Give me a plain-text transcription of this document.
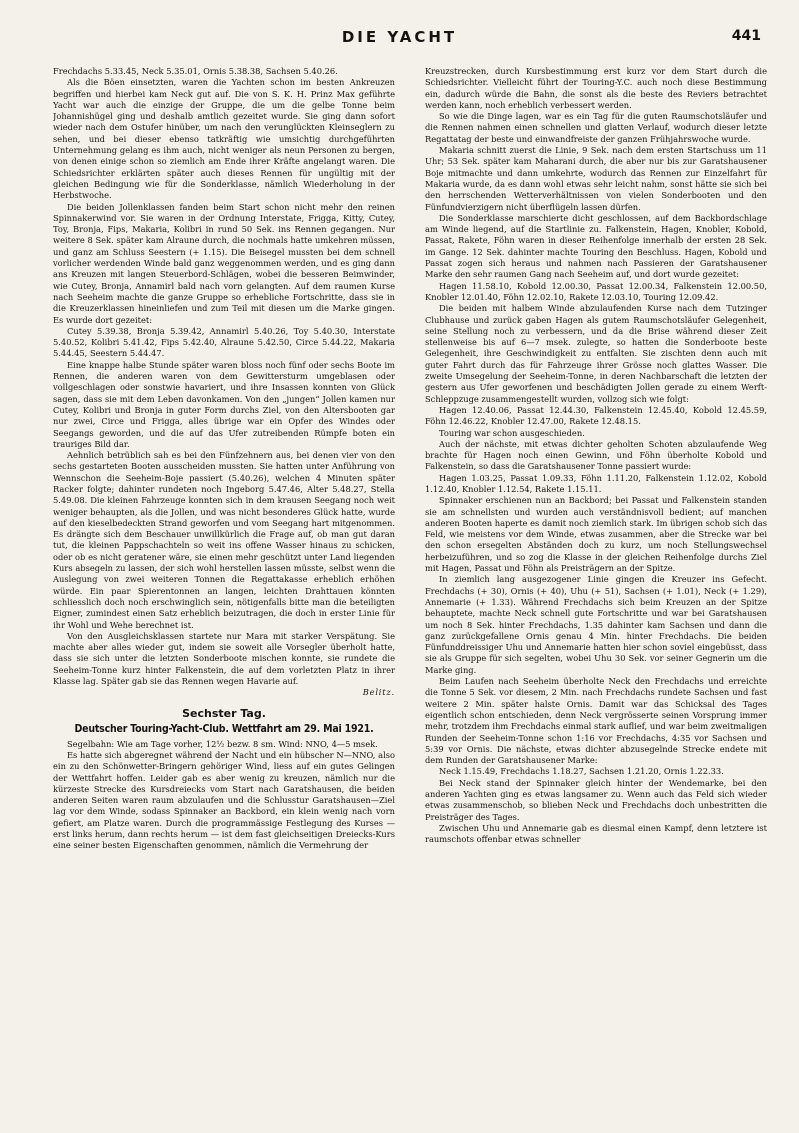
DIE YACHT	441

Frechdachs 5.33.45, Neck 5.35.01, Ornis 5.38.38, Sachsen 5.40.26.

Als die Böen einsetzten, waren die Yachten schon im besten Ankreuzen begriffen und hierbei kam Neck gut auf. Die von S. K. H. Prinz Max geführte Yacht war auch die einzige der Gruppe, die um die gelbe Tonne beim Johannishügel ging und deshalb amtlich gezeitet wurde. Sie ging dann sofort wieder nach dem Ostufer hinüber, um nach den verunglückten Kleinseglern zu sehen, und bei dieser ebenso tatkräftig wie umsichtig durchgeführten Unternehmung gelang es ihm auch, nicht weniger als neun Personen zu bergen, von denen einige schon so ziemlich am Ende ihrer Kräfte angelangt waren. Die Schiedsrichter erklärten später auch dieses Rennen für ungültig mit der gleichen Bedingung wie für die Sonderklasse, nämlich Wiederholung in der Herbstwoche.

Die beiden Jollenklassen fanden beim Start schon nicht mehr den reinen Spinnakerwind vor. Sie waren in der Ordnung Interstate, Frigga, Kitty, Cutey, Toy, Bronja, Fips, Makaria, Kolibri in rund 50 Sek. ins Rennen gegangen. Nur weitere 8 Sek. später kam Alraune durch, die nochmals hatte umkehren müssen, und ganz am Schluss Seestern (+ 1.15). Die Beisegel mussten bei dem schnell vorlicher werdenden Winde bald ganz weggenommen werden, und es ging dann ans Kreuzen mit langen Steuerbord-Schlägen, wobei die besseren Beimwinder, wie Cutey, Bronja, Annamirl bald nach vorn gelangten. Auf dem raumen Kurse nach Seeheim machte die ganze Gruppe so erhebliche Fortschritte, dass sie in die Kreuzerklassen hineinliefen und zum Teil mit diesen um die Marke gingen. Es wurde dort gezeitet:

Cutey 5.39.38, Bronja 5.39.42, Annamirl 5.40.26, Toy 5.40.30, Interstate 5.40.52, Kolibri 5.41.42, Fips 5.42.40, Alraune 5.42.50, Circe 5.44.22, Makaria 5.44.45, Seestern 5.44.47.

Eine knappe halbe Stunde später waren bloss noch fünf oder sechs Boote im Rennen, die anderen waren von dem Gewittersturm umgeblasen oder vollgeschlagen oder sonstwie havariert, und ihre Insassen konnten von Glück sagen, dass sie mit dem Leben davonkamen. Von den „jungen“ Jollen kamen nur Cutey, Kolibri und Bronja in guter Form durchs Ziel, von den Altersbooten gar nur zwei, Circe und Frigga, alles übrige war ein Opfer des Windes oder Seegangs geworden, und die auf das Ufer zutreibenden Rümpfe boten ein trauriges Bild dar.

Aehnlich betrüblich sah es bei den Fünfzehnern aus, bei denen vier von den sechs gestarteten Booten ausscheiden mussten. Sie hatten unter Anführung von Wennschon die Seeheim-Boje passiert (5.40.26), welchen 4 Minuten später Racker folgte; dahinter rundeten noch Ingeborg 5.47.46, Alter 5.48.27, Stella 5.49.08. Die kleinen Fahrzeuge konnten sich in dem krausen Seegang noch weit weniger behaupten, als die Jollen, und was nicht besonderes Glück hatte, wurde auf den kieselbedeckten Strand geworfen und vom Seegang hart mitgenommen. Es drängte sich dem Beschauer unwillkürlich die Frage auf, ob man gut daran tut, die kleinen Pappschachteln so weit ins offene Wasser hinaus zu schicken, oder ob es nicht geratener wäre, sie einen mehr geschützt unter Land liegenden Kurs absegeln zu lassen, der sich wohl herstellen lassen müsste, selbst wenn die Auslegung von zwei weiteren Tonnen die Regattakasse erheblich erhöhen würde. Ein paar Spierentonnen an langen, leichten Drahttauen könnten schliesslich doch noch erschwinglich sein, nötigenfalls bitte man die beteiligten Eigner, zumindest einen Satz erheblich beizutragen, die doch in erster Linie für ihr Wohl und Wehe berechnet ist.

Von den Ausgleichsklassen startete nur Mara mit starker Verspätung. Sie machte aber alles wieder gut, indem sie soweit alle Vorsegler überholt hatte, dass sie sich unter die letzten Sonderboote mischen konnte, sie rundete die Seeheim-Tonne kurz hinter Falkenstein, die auf dem vorletzten Platz in ihrer Klasse lag. Später gab sie das Rennen wegen Havarie auf.

Belitz.

Sechster Tag.
Deutscher Touring-Yacht-Club. Wettfahrt am 29. Mai 1921.

Segelbahn: Wie am Tage vorher, 12½ bezw. 8 sm. Wind: NNO, 4—5 msek.

Es hatte sich abgeregnet während der Nacht und ein hübscher N—NNO, also ein zu den Schönwetter-Bringern gehöriger Wind, liess auf ein gutes Gelingen der Wettfahrt hoffen. Leider gab es aber wenig zu kreuzen, nämlich nur die kürzeste Strecke des Kursdreiecks vom Start nach Garatshausen, die beiden anderen Seiten waren raum abzulaufen und die Schlusstur Garatshausen—Ziel lag vor dem Winde, sodass Spinnaker an Backbord, ein klein wenig nach vorn gefiert, am Platze waren. Durch die programmässige Festlegung des Kurses — erst links herum, dann rechts herum — ist dem fast gleichseitigen Dreiecks-Kurs eine seiner besten Eigenschaften genommen, nämlich die Vermehrung der

Kreuzstrecken, durch Kursbestimmung erst kurz vor dem Start durch die Schiedsrichter. Vielleicht führt der Touring-Y.C. auch noch diese Bestimmung ein, dadurch würde die Bahn, die sonst als die beste des Reviers betrachtet werden kann, noch erheblich verbessert werden.

So wie die Dinge lagen, war es ein Tag für die guten Raumschotsläufer und die Rennen nahmen einen schnellen und glatten Verlauf, wodurch dieser letzte Regattatag der beste und einwandfreiste der ganzen Frühjahrswoche wurde.

Makaria schnitt zuerst die Linie, 9 Sek. nach dem ersten Startschuss um 11 Uhr; 53 Sek. später kam Maharani durch, die aber nur bis zur Garatshausener Boje mitmachte und dann umkehrte, wodurch das Rennen zur Einzelfahrt für Makaria wurde, da es dann wohl etwas sehr leicht nahm, sonst hätte sie sich bei den herrschenden Wetterverhältnissen von vielen Sonderbooten und den Fünfundvierzigern nicht überflügeln lassen dürfen.

Die Sonderklasse marschierte dicht geschlossen, auf dem Backbordschlage am Winde liegend, auf die Startlinie zu. Falkenstein, Hagen, Knobler, Kobold, Passat, Rakete, Föhn waren in dieser Reihenfolge innerhalb der ersten 28 Sek. im Gange. 12 Sek. dahinter machte Touring den Beschluss. Hagen, Kobold und Passat zogen sich heraus und nahmen nach Passieren der Garatshausener Marke den sehr raumen Gang nach Seeheim auf, und dort wurde gezeitet:

Hagen 11.58.10, Kobold 12.00.30, Passat 12.00.34, Falkenstein 12.00.50, Knobler 12.01.40, Föhn 12.02.10, Rakete 12.03.10, Touring 12.09.42.

Die beiden mit halbem Winde abzulaufenden Kurse nach dem Tutzinger Clubhause und zurück gaben Hagen als gutem Raumschotsläufer Gelegenheit, seine Stellung noch zu verbessern, und da die Brise während dieser Zeit stellenweise bis auf 6—7 msek. zulegte, so hatten die Sonderboote beste Gelegenheit, ihre Geschwindigkeit zu entfalten. Sie zischten denn auch mit guter Fahrt durch das für Fahrzeuge ihrer Grösse noch glattes Wasser. Die zweite Umsegelung der Seeheim-Tonne, in deren Nachbarschaft die letzten der gestern aus Ufer geworfenen und beschädigten Jollen gerade zu einem Werft-Schleppzuge zusammengestellt wurden, vollzog sich wie folgt:

Hagen 12.40.06, Passat 12.44.30, Falkenstein 12.45.40, Kobold 12.45.59, Föhn 12.46.22, Knobler 12.47.00, Rakete 12.48.15.

Touring war schon ausgeschieden.

Auch der nächste, mit etwas dichter geholten Schoten abzulaufende Weg brachte für Hagen noch einen Gewinn, und Föhn überholte Kobold und Falkenstein, so dass die Garatshausener Tonne passiert wurde:

Hagen 1.03.25, Passat 1.09.33, Föhn 1.11.20, Falkenstein 1.12.02, Kobold 1.12.40, Knobler 1.12.54, Rakete 1.15.11.

Spinnaker erschienen nun an Backbord; bei Passat und Falkenstein standen sie am schnellsten und wurden auch verständnisvoll bedient; auf manchen anderen Booten haperte es damit noch ziemlich stark. Im übrigen schob sich das Feld, wie meistens vor dem Winde, etwas zusammen, aber die Strecke war bei den schon ersegelten Abständen doch zu kurz, um noch Stellungswechsel herbeizuführen, und so zog die Klasse in der gleichen Reihenfolge durchs Ziel mit Hagen, Passat und Föhn als Preisträgern an der Spitze.

In ziemlich lang ausgezogener Linie gingen die Kreuzer ins Gefecht. Frechdachs (+ 30), Ornis (+ 40), Uhu (+ 51), Sachsen (+ 1.01), Neck (+ 1.29), Annemarie (+ 1.33). Während Frechdachs sich beim Kreuzen an der Spitze behauptete, machte Neck schnell gute Fortschritte und war bei Garatshausen um noch 8 Sek. hinter Frechdachs, 1.35 dahinter kam Sachsen und dann die ganz zurückgefallene Ornis genau 4 Min. hinter Frechdachs. Die beiden Fünfunddreissiger Uhu und Annemarie hatten hier schon soviel eingebüsst, dass sie als Gruppe für sich segelten, wobei Uhu 30 Sek. vor seiner Gegnerin um die Marke ging.

Beim Laufen nach Seeheim überholte Neck den Frechdachs und erreichte die Tonne 5 Sek. vor diesem, 2 Min. nach Frechdachs rundete Sachsen und fast weitere 2 Min. später halste Ornis. Damit war das Schicksal des Tages eigentlich schon entschieden, denn Neck vergrösserte seinen Vorsprung immer mehr, trotzdem ihm Frechdachs einmal stark auflief, und war beim zweitmaligen Runden der Seeheim-Tonne schon 1:16 vor Frechdachs, 4:35 vor Sachsen und 5:39 vor Ornis. Die nächste, etwas dichter abzusegelnde Strecke endete mit dem Runden der Garatshausener Marke:

Neck 1.15.49, Frechdachs 1.18.27, Sachsen 1.21.20, Ornis 1.22.33.

Bei Neck stand der Spinnaker gleich hinter der Wendemarke, bei den anderen Yachten ging es etwas langsamer zu. Wenn auch das Feld sich wieder etwas zusammenschob, so blieben Neck und Frechdachs doch unbestritten die Preisträger des Tages.

Zwischen Uhu und Annemarie gab es diesmal einen Kampf, denn letztere ist raumschots offenbar etwas schneller
